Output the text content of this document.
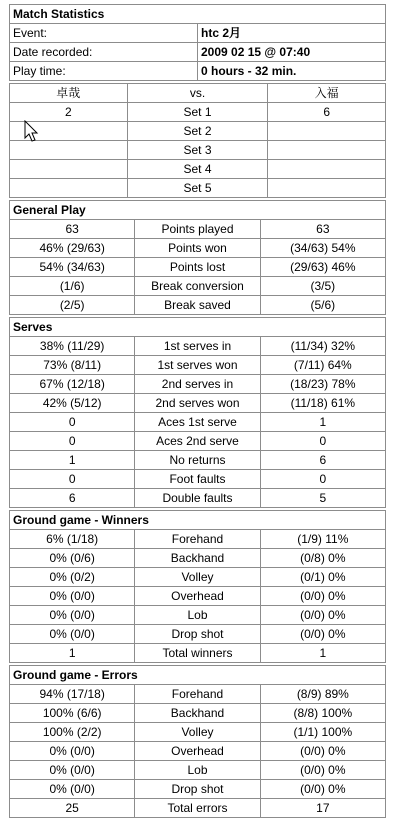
Match Statistics	
Event:	htc 2月
Date recorded:	2009 02 15 @ 07:40
Play time:	0 hours - 32 min.
卓哉	vs.	入福
2	Set 1	6
	Set 2	
	Set 3	
	Set 4	
	Set 5	
General Play		
63	Points played	63
46% (29/63)	Points won	(34/63) 54%
54% (34/63)	Points lost	(29/63) 46%
(1/6)	Break conversion	(3/5)
(2/5)	Break saved	(5/6)
Serves		
38% (11/29)	1st serves in	(11/34) 32%
73% (8/11)	1st serves won	(7/11) 64%
67% (12/18)	2nd serves in	(18/23) 78%
42% (5/12)	2nd serves won	(11/18) 61%
0	Aces 1st serve	1
0	Aces 2nd serve	0
1	No returns	6
0	Foot faults	0
6	Double faults	5
Ground game - Winners		
6% (1/18)	Forehand	(1/9) 11%
0% (0/6)	Backhand	(0/8) 0%
0% (0/2)	Volley	(0/1) 0%
0% (0/0)	Overhead	(0/0) 0%
0% (0/0)	Lob	(0/0) 0%
0% (0/0)	Drop shot	(0/0) 0%
1	Total winners	1
Ground game - Errors		
94% (17/18)	Forehand	(8/9) 89%
100% (6/6)	Backhand	(8/8) 100%
100% (2/2)	Volley	(1/1) 100%
0% (0/0)	Overhead	(0/0) 0%
0% (0/0)	Lob	(0/0) 0%
0% (0/0)	Drop shot	(0/0) 0%
25	Total errors	17
